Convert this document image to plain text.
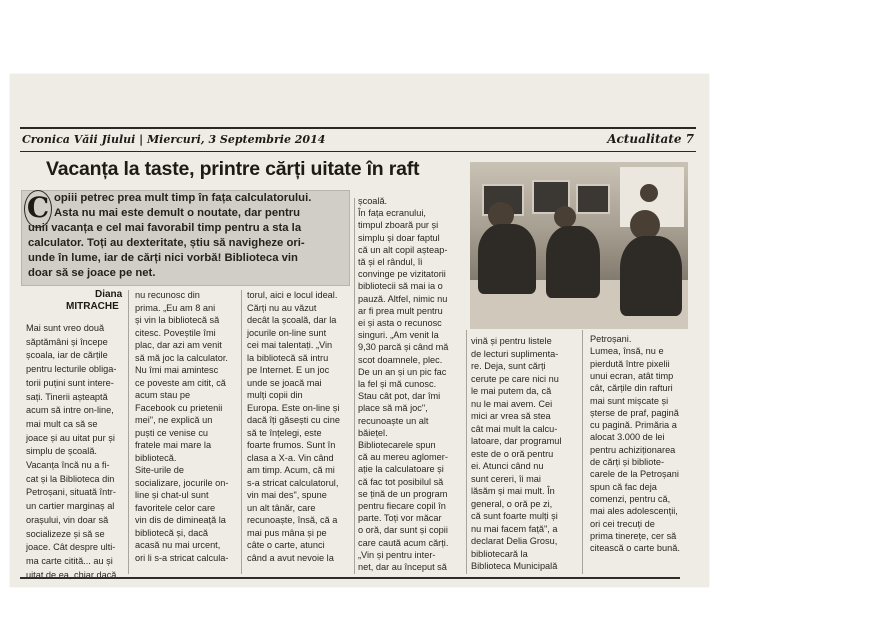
Cronica Văii Jiului | Miercuri, 3 Septembrie 2014	Actualitate 7
Vacanța la taste, printre cărți uitate în raft
C opiii petrec prea mult timp în fața calculatorului.
Asta nu mai este demult o noutate, dar pentru
unii vacanța e cel mai favorabil timp pentru a sta la
calculator. Toți au dexteritate, știu să navigheze ori-
unde în lume, iar de cărți nici vorbă! Biblioteca vin
doar să se joace pe net.
Diana
MITRACHE
Mai sunt vreo două
săptămâni și începe
școala, iar de cărțile
pentru lecturile obliga-
torii puțini sunt intere-
sați. Tinerii așteaptă
acum să intre on-line,
mai mult ca să se
joace și au uitat pur și
simplu de școală.
Vacanța încă nu a fi-
cat și la Biblioteca din
Petroșani, situată într-
un cartier marginaș al
orașului, vin doar să
socializeze și să se
joace. Cât despre ulti-
ma carte citită... au și
uitat de ea, chiar dacă
nu recunosc din
prima. „Eu am 8 ani
și vin la bibliotecă să
citesc. Poveștile îmi
plac, dar azi am venit
să mă joc la calculator.
Nu îmi mai amintesc
ce poveste am citit, că
acum stau pe
Facebook cu prietenii
mei", ne explică un
puști ce venise cu
fratele mai mare la
bibliotecă.
Site-urile de
socializare, jocurile on-
line și chat-ul sunt
favoritele celor care
vin dis de dimineață la
bibliotecă și, dacă
acasă nu mai urcent,
ori li s-a stricat calcula-
torul, aici e locul ideal.
Cărți nu au văzut
decât la școală, dar la
jocurile on-line sunt
cei mai talentați. „Vin
la bibliotecă să intru
pe Internet. E un joc
unde se joacă mai
mulți copii din
Europa. Este on-line și
dacă îți găsești cu cine
să te înțelegi, este
foarte frumos. Sunt în
clasa a X-a. Vin când
am timp. Acum, că mi
s-a stricat calculatorul,
vin mai des", spune
un alt tânăr, care
recunoaște, însă, că a
mai pus mâna și pe
câte o carte, atunci
când a avut nevoie la
școală.
În fața ecranului,
timpul zboară pur și
simplu și doar faptul
că un alt copil așteap-
tă și el rândul, îi
convinge pe vizitatorii
bibliotecii să mai ia o
pauză. Altfel, nimic nu
ar fi prea mult pentru
ei și asta o recunosc
singuri. „Am venit la
9,30 parcă și când mă
scot doamnele, plec.
De un an și un pic fac
la fel și mă cunosc.
Stau cât pot, dar îmi
place să mă joc",
recunoaște un alt
băiețel.
Bibliotecarele spun
că au mereu aglomer-
ație la calculatoare și
că fac tot posibilul să
se țină de un program
pentru fiecare copil în
parte. Toți vor măcar
o oră, dar sunt și copii
care caută acum cărți.
„Vin și pentru inter-
net, dar au început să
vină și pentru listele
de lecturi suplimenta-
re. Deja, sunt cărți
cerute pe care nici nu
le mai putem da, că
nu le mai avem. Cei
mici ar vrea să stea
cât mai mult la calcu-
latoare, dar programul
este de o oră pentru
ei. Atunci când nu
sunt cereri, îi mai
lăsăm și mai mult. În
general, o oră pe zi,
că sunt foarte mulți și
nu mai facem față", a
declarat Delia Grosu,
bibliotecară la
Biblioteca Municipală
Petroșani.
Lumea, însă, nu e
pierdută între pixelii
unui ecran, atât timp
cât, cărțile din rafturi
mai sunt mișcate și
șterse de praf, pagină
cu pagină. Primăria a
alocat 3.000 de lei
pentru achiziționarea
de cărți și bibliote-
carele de la Petroșani
spun că fac deja
comenzi, pentru că,
mai ales adolescenții,
ori cei trecuți de
prima tinerețe, cer să
citească o carte bună.
